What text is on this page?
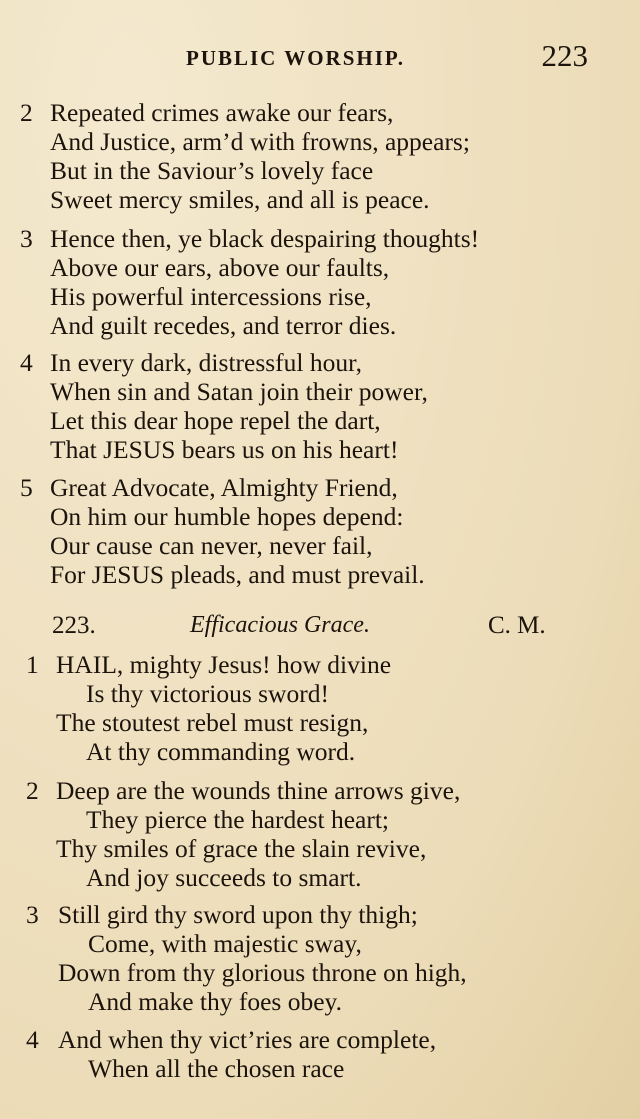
PUBLIC WORSHIP.	223
2 Repeated crimes awake our fears,
And Justice, arm’d with frowns, appears;
But in the Saviour’s lovely face
Sweet mercy smiles, and all is peace.
3 Hence then, ye black despairing thoughts!
Above our ears, above our faults,
His powerful intercessions rise,
And guilt recedes, and terror dies.
4 In every dark, distressful hour,
When sin and Satan join their power,
Let this dear hope repel the dart,
That JESUS bears us on his heart!
5 Great Advocate, Almighty Friend,
On him our humble hopes depend:
Our cause can never, never fail,
For JESUS pleads, and must prevail.
223.	Efficacious Grace.	C. M.
1 HAIL, mighty Jesus! how divine
Is thy victorious sword!
The stoutest rebel must resign,
At thy commanding word.
2 Deep are the wounds thine arrows give,
They pierce the hardest heart;
Thy smiles of grace the slain revive,
And joy succeeds to smart.
3 Still gird thy sword upon thy thigh;
Come, with majestic sway,
Down from thy glorious throne on high,
And make thy foes obey.
4 And when thy vict’ries are complete,
When all the chosen race
